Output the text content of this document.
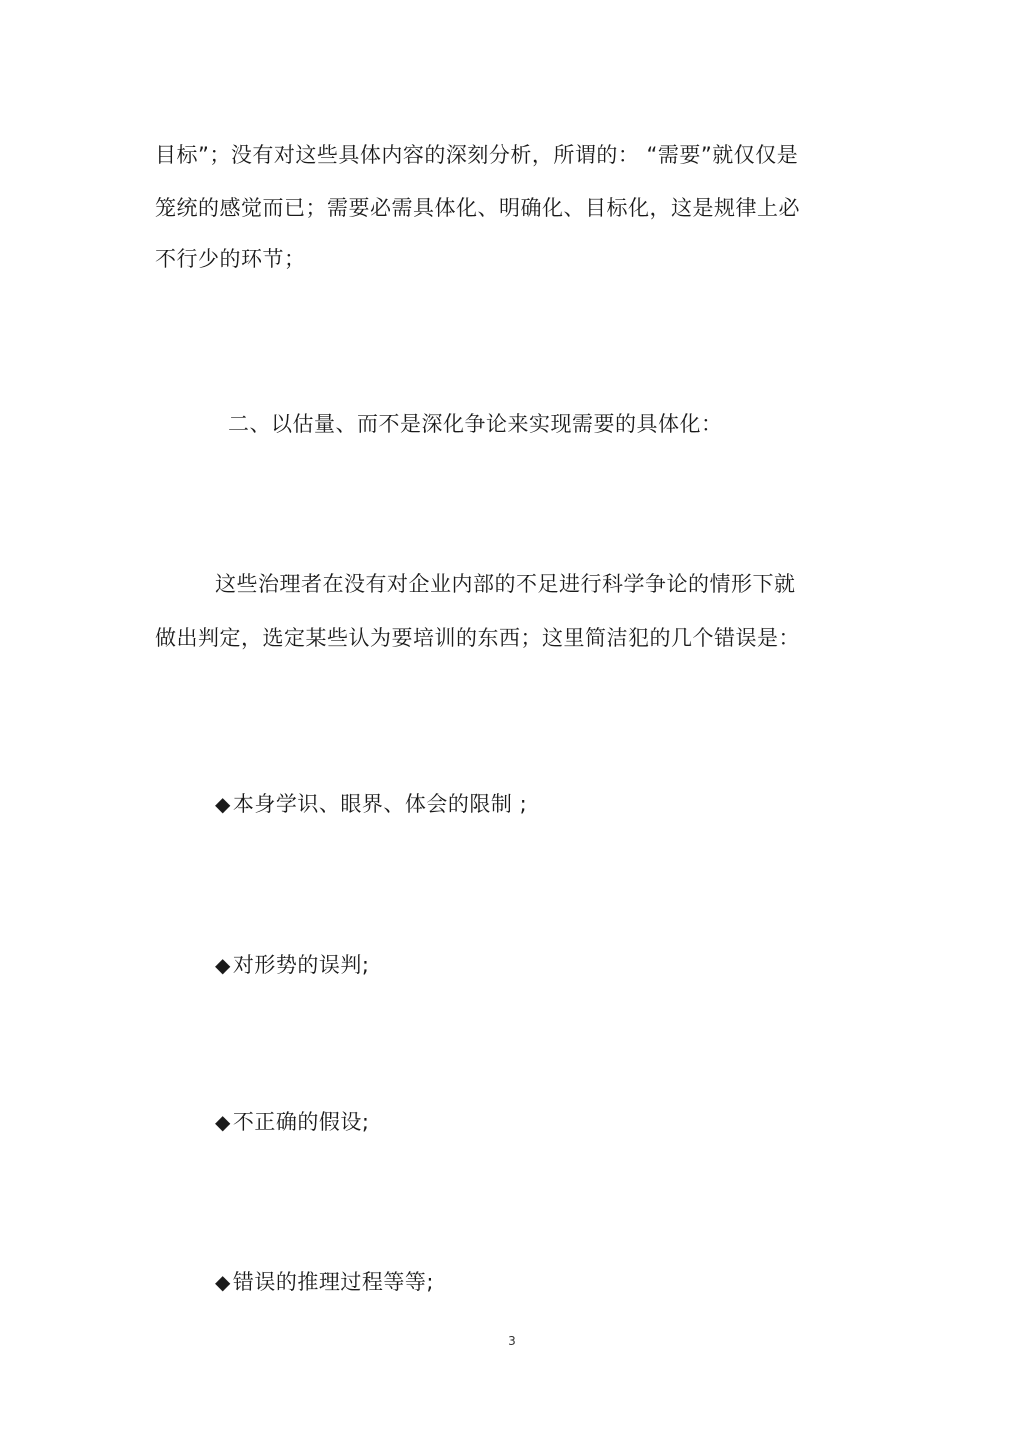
目标”；没有对这些具体内容的深刻分析，所谓的： “需要”就仅仅是
笼统的感觉而已；需要必需具体化、明确化、目标化，这是规律上必
不行少的环节；
二、以估量、而不是深化争论来实现需要的具体化：
这些治理者在没有对企业内部的不足进行科学争论的情形下就
做出判定，选定某些认为要培训的东西；这里简洁犯的几个错误是：
◆本身学识、眼界、体会的限制 ;
◆对形势的误判;
◆不正确的假设;
◆错误的推理过程等等;
3
